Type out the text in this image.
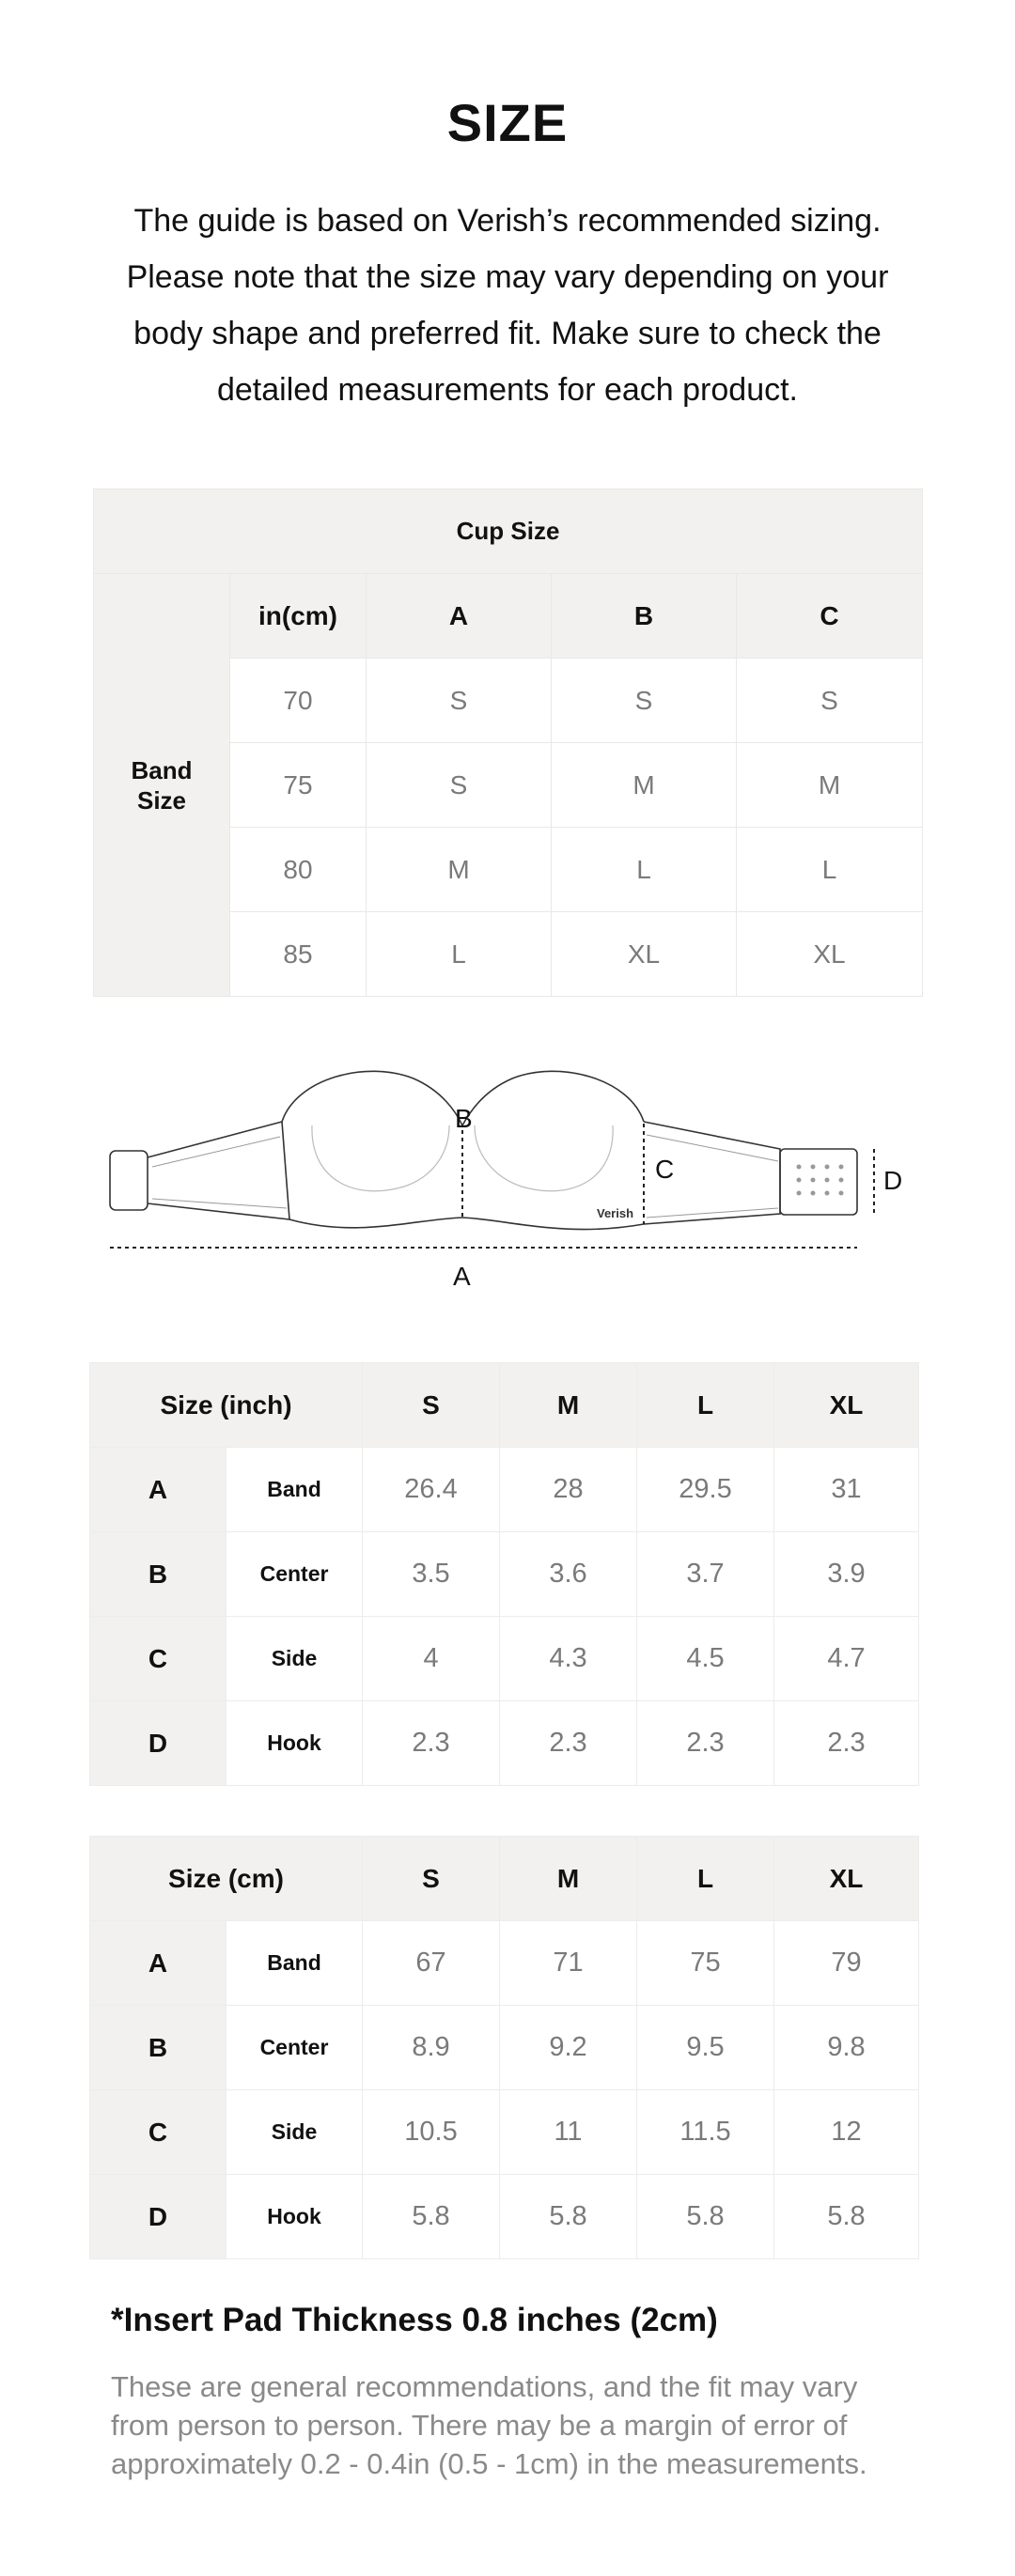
SIZE

The guide is based on Verish’s recommended sizing.
Please note that the size may vary depending on your
body shape and preferred fit. Make sure to check the
detailed measurements for each product.

Cup Size				

Band
Size	in(cm)	A	B	C
	70	S	S	S
	75	S	M	M
	80	M	L	L
	85	L	XL	XL
B
C	D
A
Verish
Size (inch)		S	M	L	XL
A	Band	26.4	28	29.5	31
B	Center	3.5	3.6	3.7	3.9
C	Side	4	4.3	4.5	4.7
D	Hook	2.3	2.3	2.3	2.3
Size (cm)		S	M	L	XL
A	Band	67	71	75	79
B	Center	8.9	9.2	9.5	9.8
C	Side	10.5	11	11.5	12
D	Hook	5.8	5.8	5.8	5.8
*Insert Pad Thickness 0.8 inches (2cm)

These are general recommendations, and the fit may vary
from person to person. There may be a margin of error of
approximately 0.2 - 0.4in (0.5 - 1cm) in the measurements.
